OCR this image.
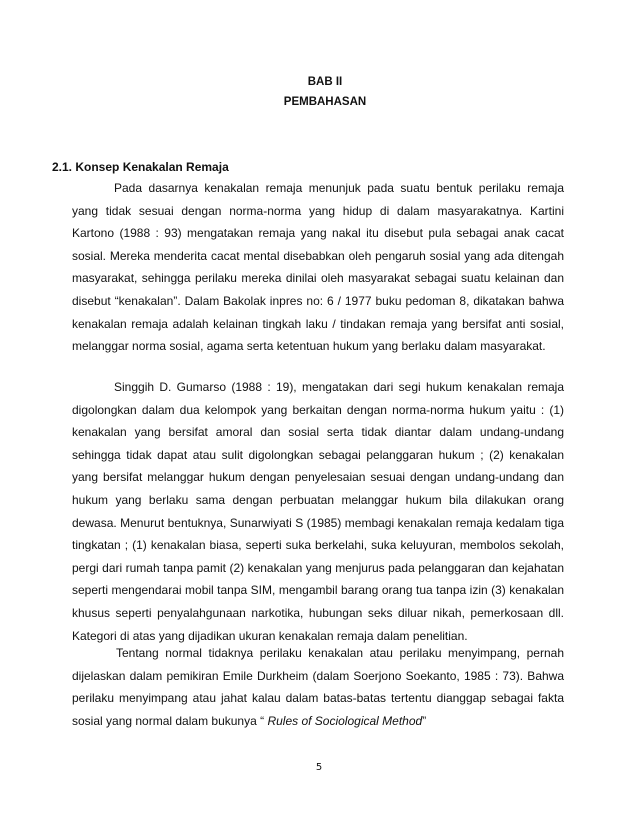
BAB II
PEMBAHASAN
2.1. Konsep Kenakalan Remaja

Pada dasarnya kenakalan remaja menunjuk pada suatu bentuk perilaku remaja yang tidak sesuai dengan norma-norma yang hidup di dalam masyarakatnya. Kartini Kartono (1988 : 93) mengatakan remaja yang nakal itu disebut pula sebagai anak cacat sosial. Mereka menderita cacat mental disebabkan oleh pengaruh sosial yang ada ditengah masyarakat, sehingga perilaku mereka dinilai oleh masyarakat sebagai suatu kelainan dan disebut “kenakalan”. Dalam Bakolak inpres no: 6 / 1977 buku pedoman 8, dikatakan bahwa kenakalan remaja adalah kelainan tingkah laku / tindakan remaja yang bersifat anti sosial, melanggar norma sosial, agama serta ketentuan hukum yang berlaku dalam masyarakat.

Singgih D. Gumarso (1988 : 19), mengatakan dari segi hukum kenakalan remaja digolongkan dalam dua kelompok yang berkaitan dengan norma-norma hukum yaitu : (1) kenakalan yang bersifat amoral dan sosial serta tidak diantar dalam undang-undang sehingga tidak dapat atau sulit digolongkan sebagai pelanggaran hukum ; (2) kenakalan yang bersifat melanggar hukum dengan penyelesaian sesuai dengan undang-undang dan hukum yang berlaku sama dengan perbuatan melanggar hukum bila dilakukan orang dewasa. Menurut bentuknya, Sunarwiyati S (1985) membagi kenakalan remaja kedalam tiga tingkatan ; (1) kenakalan biasa, seperti suka berkelahi, suka keluyuran, membolos sekolah, pergi dari rumah tanpa pamit (2) kenakalan yang menjurus pada pelanggaran dan kejahatan seperti mengendarai mobil tanpa SIM, mengambil barang orang tua tanpa izin (3) kenakalan khusus seperti penyalahgunaan narkotika, hubungan seks diluar nikah, pemerkosaan dll. Kategori di atas yang dijadikan ukuran kenakalan remaja dalam penelitian.

Tentang normal tidaknya perilaku kenakalan atau perilaku menyimpang, pernah dijelaskan dalam pemikiran Emile Durkheim (dalam Soerjono Soekanto, 1985 : 73). Bahwa perilaku menyimpang atau jahat kalau dalam batas-batas tertentu dianggap sebagai fakta sosial yang normal dalam bukunya “ Rules of Sociological Method”

5
